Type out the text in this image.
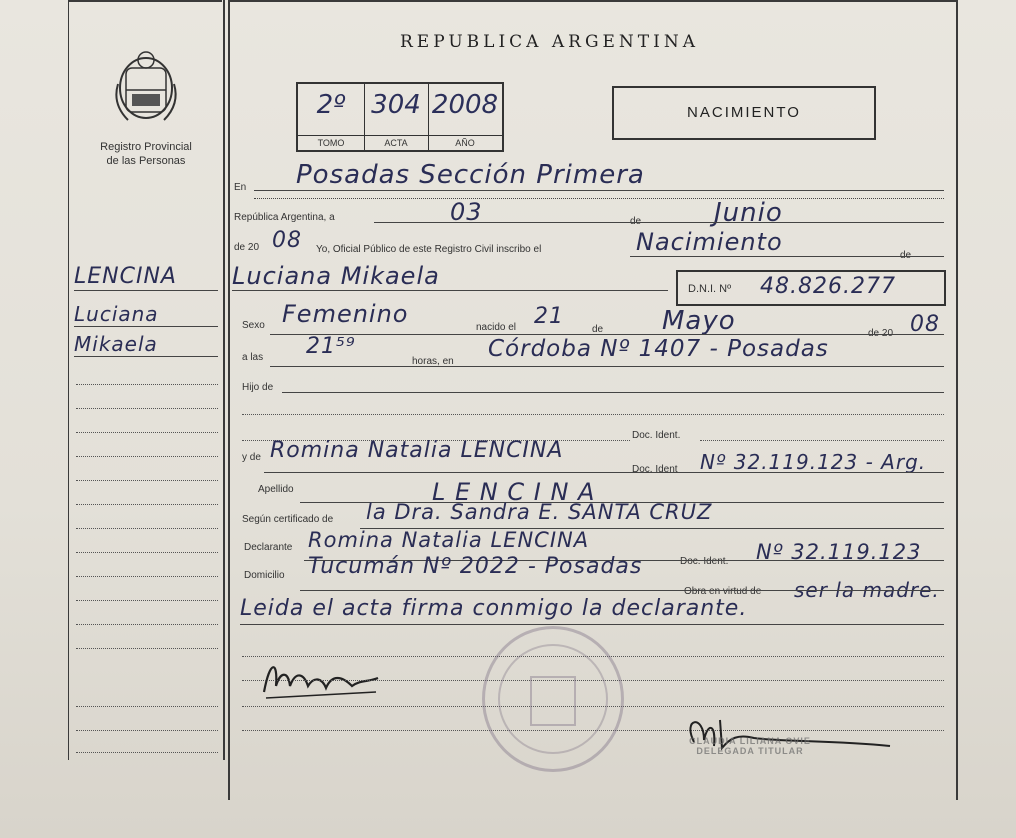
Registro Provincial
de las Personas
REPUBLICA ARGENTINA
2º
TOMO
304
ACTA
2008
AÑO
NACIMIENTO
LENCINA
Luciana
Mikaela
En Posadas Sección Primera
República Argentina, a	03	de	Junio
de 20 08 Yo, Oficial Público de este Registro Civil inscribo el	Nacimiento	de
Luciana Mikaela	D.N.I. Nº 48.826.277
Sexo Femenino	nacido el 21
de Mayo	de 20 08
a las 21⁵⁹
horas, en Córdoba Nº 1407 - Posadas
Hijo de
Doc. Ident.
y de Romina Natalia LENCINA
Doc. Ident Nº 32.119.123 - Arg.
Apellido	L E N C I N A
Según certificado de la Dra. Sandra E. SANTA CRUZ
Declarante Romina Natalia LENCINA
Doc. Ident. Nº 32.119.123
Domicilio Tucumán Nº 2022 - Posadas
Obra en virtud de ser la madre.
Leida el acta firma conmigo la declarante.
CLAUDIA LILIANA OVIE
DELEGADA TITULAR
